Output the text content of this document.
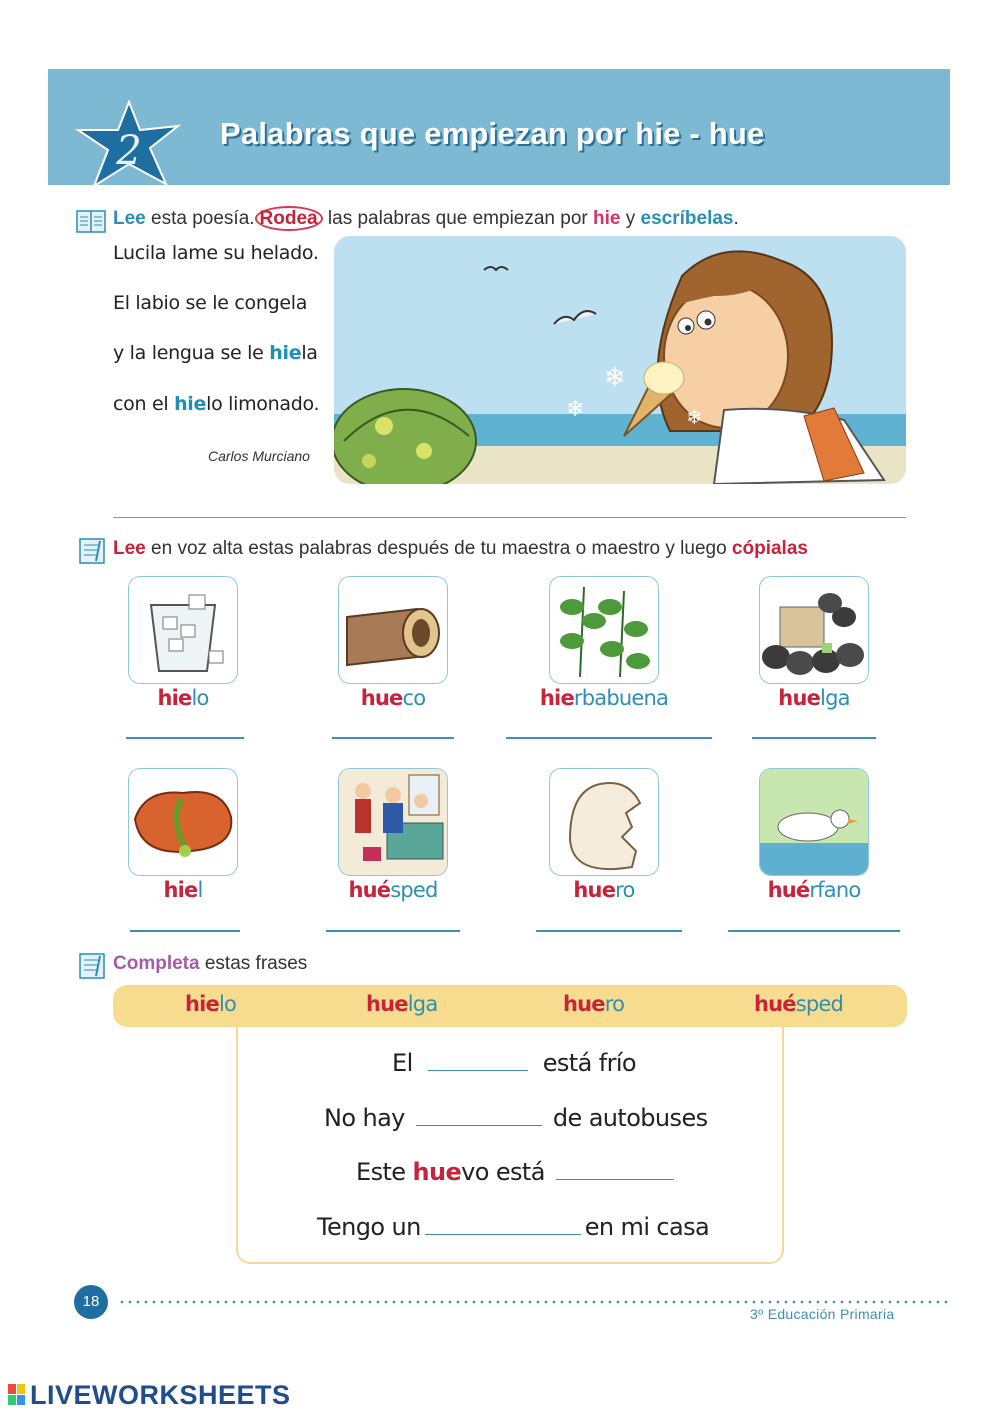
2	Palabras que empiezan por hie - hue
Lee esta poesía. Rodea las palabras que empiezan por hie y escríbelas.
Lucila lame su helado.
El labio se le congela
y la lengua se le hiela
con el hielo limonado.
Carlos Murciano
❄
❄	❄
Lee en voz alta estas palabras después de tu maestra o maestro y luego cópialas
hielo	hueco	hierbabuena	huelga
hiel	huésped	huero	huérfano
Completa estas frases
hielo	huelga	huero	huésped
El	está frío
No hay	de autobuses
Este huevo está
Tengo un	en mi casa
18
3º Educación Primaria
LIVEWORKSHEETS
